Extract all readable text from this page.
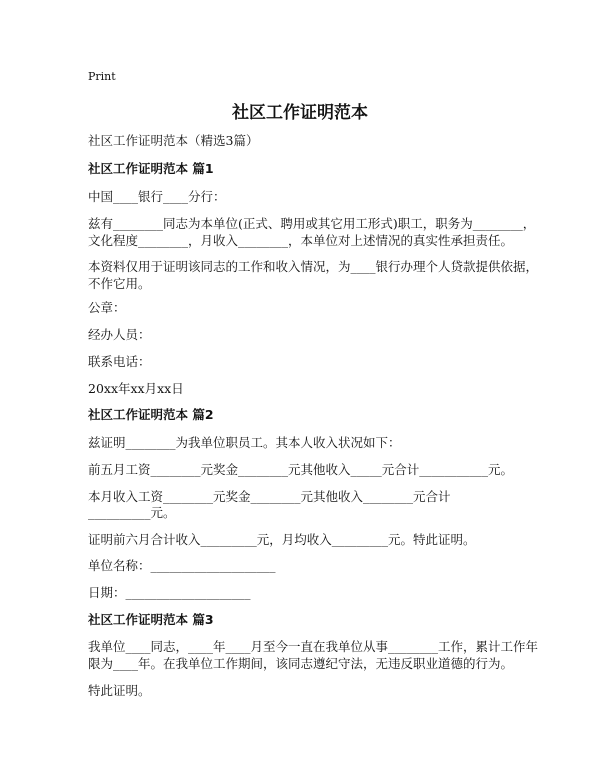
Print
社区工作证明范本
社区工作证明范本（精选3篇）
社区工作证明范本 篇1
中国____银行____分行：
兹有________同志为本单位(正式、聘用或其它用工形式)职工，职务为________，
文化程度________，月收入________，本单位对上述情况的真实性承担责任。
本资料仅用于证明该同志的工作和收入情况，为____银行办理个人贷款提供依据，
不作它用。
公章：
经办人员：
联系电话：
20xx年xx月xx日
社区工作证明范本 篇2
兹证明________为我单位职员工。其本人收入状况如下：
前五月工资________元奖金________元其他收入_____元合计___________元。
本月收入工资________元奖金________元其他收入________元合计
__________元。
证明前六月合计收入_________元，月均收入_________元。特此证明。
单位名称：____________________
日期：____________________
社区工作证明范本 篇3
我单位____同志，____年____月至今一直在我单位从事________工作，累计工作年
限为____年。在我单位工作期间，该同志遵纪守法，无违反职业道德的行为。
特此证明。
